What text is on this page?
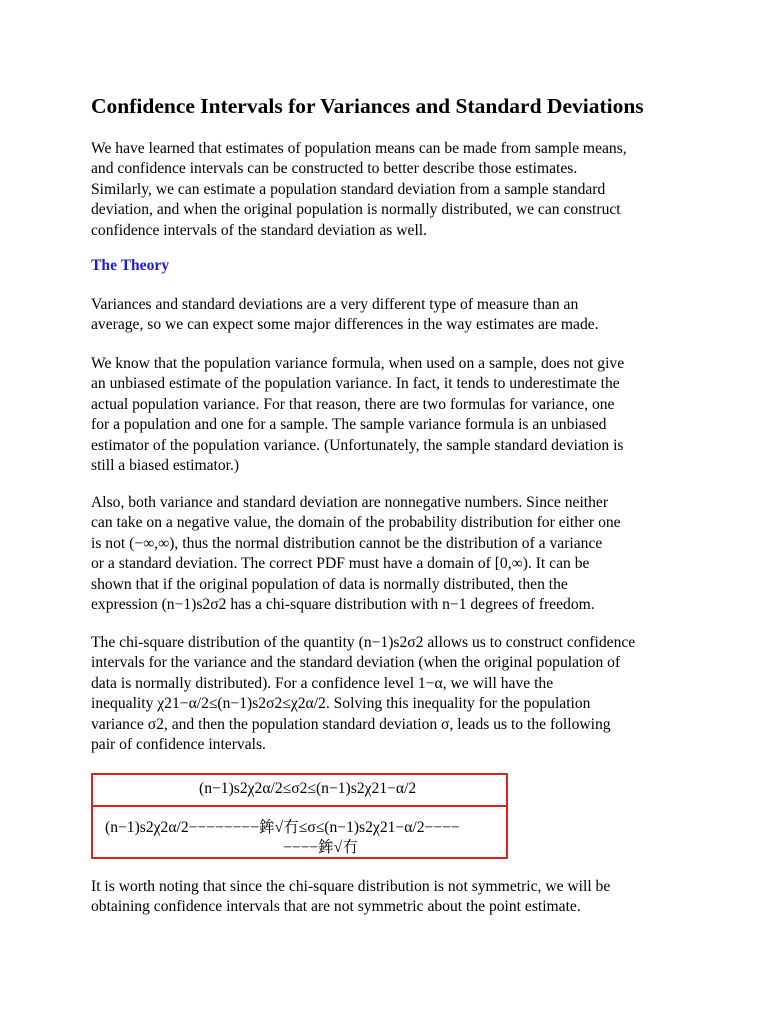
Confidence Intervals for Variances and Standard Deviations
We have learned that estimates of population means can be made from sample means,
and confidence intervals can be constructed to better describe those estimates.
Similarly, we can estimate a population standard deviation from a sample standard
deviation, and when the original population is normally distributed, we can construct
confidence intervals of the standard deviation as well.
The Theory
Variances and standard deviations are a very different type of measure than an
average, so we can expect some major differences in the way estimates are made.
We know that the population variance formula, when used on a sample, does not give
an unbiased estimate of the population variance. In fact, it tends to underestimate the
actual population variance. For that reason, there are two formulas for variance, one
for a population and one for a sample. The sample variance formula is an unbiased
estimator of the population variance. (Unfortunately, the sample standard deviation is
still a biased estimator.)
Also, both variance and standard deviation are nonnegative numbers. Since neither
can take on a negative value, the domain of the probability distribution for either one
is not (−∞,∞), thus the normal distribution cannot be the distribution of a variance
or a standard deviation. The correct PDF must have a domain of [0,∞). It can be
shown that if the original population of data is normally distributed, then the
expression (n−1)s2σ2 has a chi-square distribution with n−1 degrees of freedom.
The chi-square distribution of the quantity (n−1)s2σ2 allows us to construct confidence
intervals for the variance and the standard deviation (when the original population of
data is normally distributed). For a confidence level 1−α, we will have the
inequality χ21−α/2≤(n−1)s2σ2≤χ2α/2. Solving this inequality for the population
variance σ2, and then the population standard deviation σ, leads us to the following
pair of confidence intervals.
(n−1)s2χ2α/2≤σ2≤(n−1)s2χ21−α/2
(n−1)s2χ2α/2−−−−−−−−鉾√冇≤σ≤(n−1)s2χ21−α/2−−−−
−−−−鉾√冇
It is worth noting that since the chi-square distribution is not symmetric, we will be
obtaining confidence intervals that are not symmetric about the point estimate.
